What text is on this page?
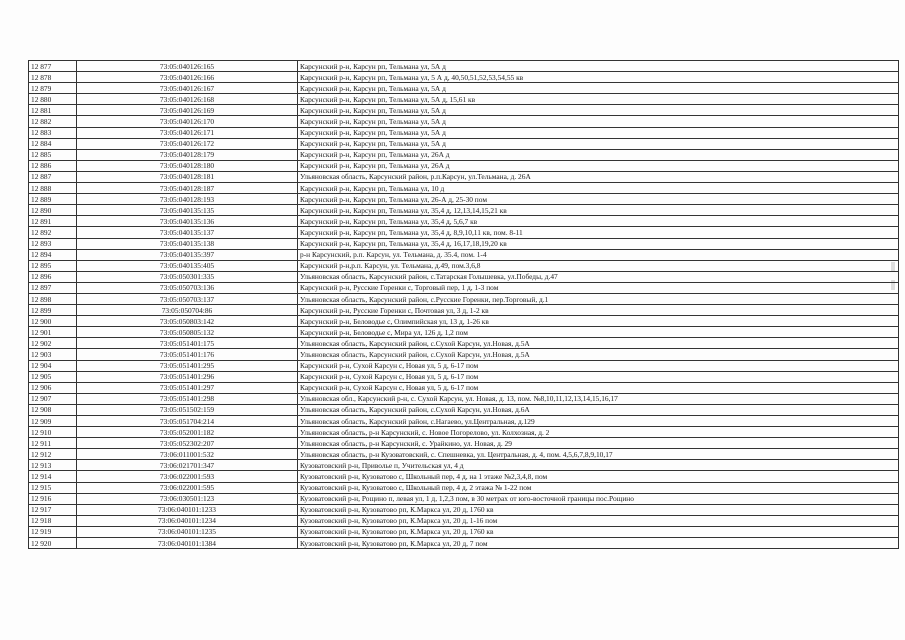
12 877	73:05:040126:165	Карсунский р-н, Карсун рп, Тельмана ул, 5А д
12 878	73:05:040126:166	Карсунский р-н, Карсун рп, Тельмана ул, 5 А д, 40,50,51,52,53,54,55 кв
12 879	73:05:040126:167	Карсунский р-н, Карсун рп, Тельмана ул, 5А д
12 880	73:05:040126:168	Карсунский р-н, Карсун рп, Тельмана ул, 5А д, 15,61 кв
12 881	73:05:040126:169	Карсунский р-н, Карсун рп, Тельмана ул, 5А д
12 882	73:05:040126:170	Карсунский р-н, Карсун рп, Тельмана ул, 5А д
12 883	73:05:040126:171	Карсунский р-н, Карсун рп, Тельмана ул, 5А д
12 884	73:05:040126:172	Карсунский р-н, Карсун рп, Тельмана ул, 5А д
12 885	73:05:040128:179	Карсунский р-н, Карсун рп, Тельмана ул, 26А д
12 886	73:05:040128:180	Карсунский р-н, Карсун рп, Тельмана ул, 26А д
12 887	73:05:040128:181	Ульяновская область, Карсунский район, р.п.Карсун, ул.Тельмана, д. 26А
12 888	73:05:040128:187	Карсунский р-н, Карсун рп, Тельмана ул, 10 д
12 889	73:05:040128:193	Карсунский р-н, Карсун рп, Тельмана ул, 26-А д, 25-30 пом
12 890	73:05:040135:135	Карсунский р-н, Карсун рп, Тельмана ул, 35,4 д, 12,13,14,15,21 кв
12 891	73:05:040135:136	Карсунский р-н, Карсун рп, Тельмана ул, 35,4 д, 5,6,7 кв
12 892	73:05:040135:137	Карсунский р-н, Карсун рп, Тельмана ул, 35,4 д, 8,9,10,11 кв, пом. 8-11
12 893	73:05:040135:138	Карсунский р-н, Карсун рп, Тельмана ул, 35,4 д, 16,17,18,19,20 кв
12 894	73:05:040135:397	р-н Карсунский, р.п. Карсун, ул. Тельмана, д. 35.4, пом. 1-4
12 895	73:05:040135:405	Карсунский р-н,р.п. Карсун, ул. Тельмана, д.49, пом.3,6,8
12 896	73:05:050301:335	Ульяновская область, Карсунский район, с.Татарская Голышевка, ул.Победы, д.47
12 897	73:05:050703:136	Карсунский р-н, Русские Горенки с, Торговый пер, 1 д, 1-3 пом
12 898	73:05:050703:137	Ульяновская область, Карсунский район, с.Русские Горенки, пер.Торговый, д.1
12 899	73:05:050704:86	Карсунский р-н, Русские Горенки с, Почтовая ул, 3 д, 1-2 кв
12 900	73:05:050803:142	Карсунский р-н, Беловодье с, Олимпийская ул, 13 д, 1-26 кв
12 901	73:05:050805:132	Карсунский р-н, Беловодье с, Мира ул, 126 д, 1,2 пом
12 902	73:05:051401:175	Ульяновская область, Карсунский район, с.Сухой Карсун, ул.Новая, д.5А
12 903	73:05:051401:176	Ульяновская область, Карсунский район, с.Сухой Карсун, ул.Новая, д.5А
12 904	73:05:051401:295	Карсунский р-н, Сухой Карсун с, Новая ул, 5 д, 6-17 пом
12 905	73:05:051401:296	Карсунский р-н, Сухой Карсун с, Новая ул, 5 д, 6-17 пом
12 906	73:05:051401:297	Карсунский р-н, Сухой Карсун с, Новая ул, 5 д, 6-17 пом
12 907	73:05:051401:298	Ульяновская обл., Карсунский р-н, с. Сухой Карсун, ул. Новая, д. 13, пом. №8,10,11,12,13,14,15,16,17
12 908	73:05:051502:159	Ульяновская область, Карсунский район, с.Сухой Карсун, ул.Новая, д.6А
12 909	73:05:051704:214	Ульяновская область, Карсунский район, с.Нагаево, ул.Центральная, д.129
12 910	73:05:052001:182	Ульяновская область, р-н Карсунский, с. Новое Погорелово, ул. Колхозная, д. 2
12 911	73:05:052302:207	Ульяновская область, р-н Карсунский, с. Урайкино, ул. Новая, д. 29
12 912	73:06:011001:532	Ульяновская область, р-н Кузоватовский, с. Спешневка, ул. Центральная, д. 4, пом. 4,5,6,7,8,9,10,17
12 913	73:06:021701:347	Кузоватовский р-н, Приволье п, Учительская ул, 4 д
12 914	73:06:022001:593	Кузоватовский р-н, Кузоватово с, Школьный пер, 4 д, на 1 этаже №2,3,4,8, пом
12 915	73:06:022001:595	Кузоватовский р-н, Кузоватово с, Школьный пер, 4 д, 2 этажа № 1-22 пом
12 916	73:06:030501:123	Кузоватовский р-н, Рощино п, левая ул, 1 д, 1,2,3 пом, в 30 метрах от юго-восточной границы пос.Рощино
12 917	73:06:040101:1233	Кузоватовский р-н, Кузоватово рп, К.Маркса ул, 20 д, 1760 кв
12 918	73:06:040101:1234	Кузоватовский р-н, Кузоватово рп, К.Маркса ул, 20 д, 1-16 пом
12 919	73:06:040101:1235	Кузоватовский р-н, Кузоватово рп, К.Маркса ул, 20 д, 1760 кв
12 920	73:06:040101:1384	Кузоватовский р-н, Кузоватово рп, К.Маркса ул, 20 д, 7 пом
